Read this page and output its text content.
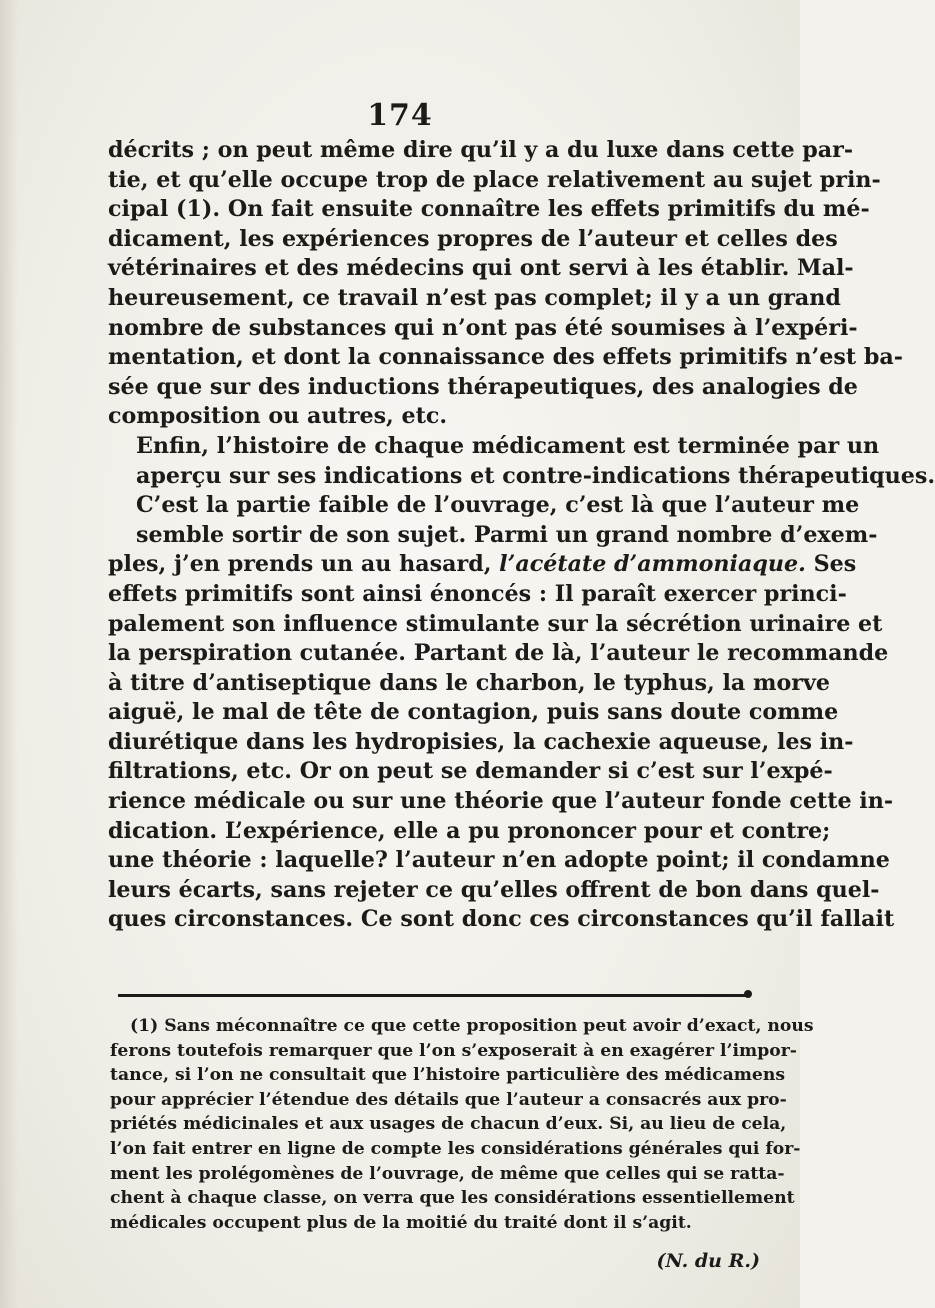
174

décrits ; on peut même dire qu’il y a du luxe dans cette par-
tie, et qu’elle occupe trop de place relativement au sujet prin-
cipal (1). On fait ensuite connaître les effets primitifs du mé-
dicament, les expériences propres de l’auteur et celles des
vétérinaires et des médecins qui ont servi à les établir. Mal-
heureusement, ce travail n’est pas complet; il y a un grand
nombre de substances qui n’ont pas été soumises à l’expéri-
mentation, et dont la connaissance des effets primitifs n’est ba-
sée que sur des inductions thérapeutiques, des analogies de
composition ou autres, etc.

Enfin, l’histoire de chaque médicament est terminée par un
aperçu sur ses indications et contre-indications thérapeutiques.
C’est la partie faible de l’ouvrage, c’est là que l’auteur me
semble sortir de son sujet. Parmi un grand nombre d’exem-
ples, j’en prends un au hasard, l’acétate d’ammoniaque. Ses
effets primitifs sont ainsi énoncés : Il paraît exercer princi-
palement son influence stimulante sur la sécrétion urinaire et
la perspiration cutanée. Partant de là, l’auteur le recommande
à titre d’antiseptique dans le charbon, le typhus, la morve
aiguë, le mal de tête de contagion, puis sans doute comme
diurétique dans les hydropisies, la cachexie aqueuse, les in-
filtrations, etc. Or on peut se demander si c’est sur l’expé-
rience médicale ou sur une théorie que l’auteur fonde cette in-
dication. L’expérience, elle a pu prononcer pour et contre;
une théorie : laquelle? l’auteur n’en adopte point; il condamne
leurs écarts, sans rejeter ce qu’elles offrent de bon dans quel-
ques circonstances. Ce sont donc ces circonstances qu’il fallait

(1) Sans méconnaître ce que cette proposition peut avoir d’exact, nous
ferons toutefois remarquer que l’on s’exposerait à en exagérer l’impor-
tance, si l’on ne consultait que l’histoire particulière des médicamens
pour apprécier l’étendue des détails que l’auteur a consacrés aux pro-
priétés médicinales et aux usages de chacun d’eux. Si, au lieu de cela,
l’on fait entrer en ligne de compte les considérations générales qui for-
ment les prolégomènes de l’ouvrage, de même que celles qui se ratta-
chent à chaque classe, on verra que les considérations essentiellement
médicales occupent plus de la moitié du traité dont il s’agit.
(N. du R.)
